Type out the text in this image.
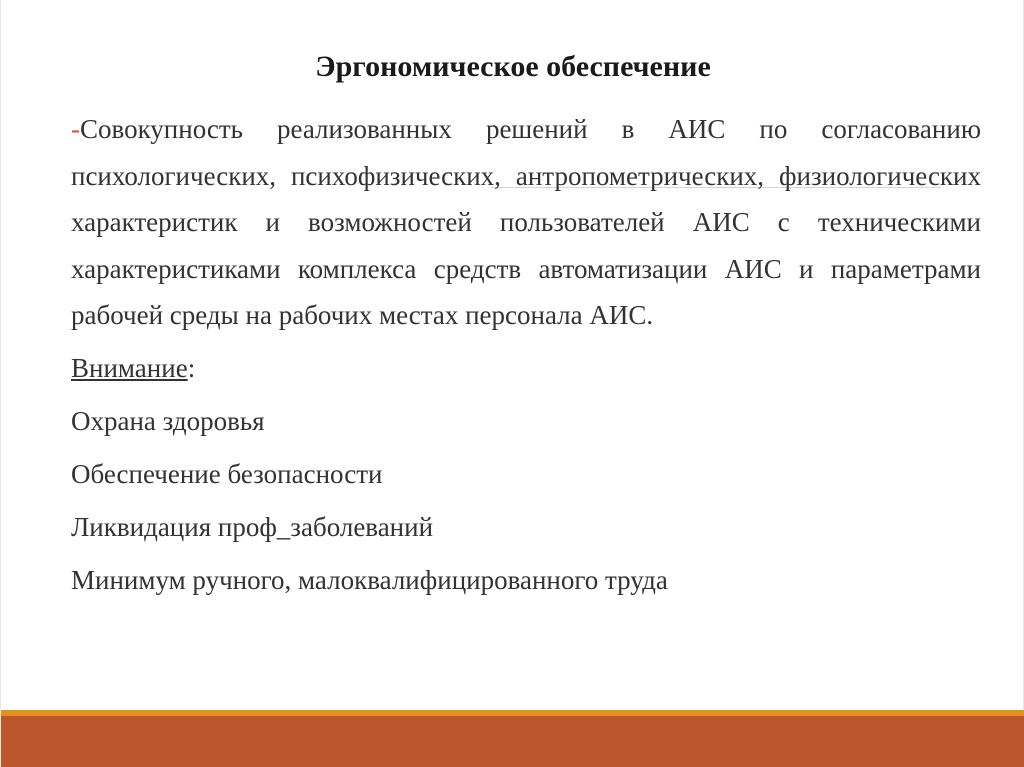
Эргономическое обеспечение

-Совокупность реализованных решений в АИС по согласованию психологических, психофизических, антропометрических, физиологических характеристик и возможностей пользователей АИС с техническими характеристиками комплекса средств автоматизации АИС и параметрами рабочей среды на рабочих местах персонала АИС.

Внимание:

Охрана здоровья

Обеспечение безопасности

Ликвидация проф_заболеваний

Минимум ручного, малоквалифицированного труда
